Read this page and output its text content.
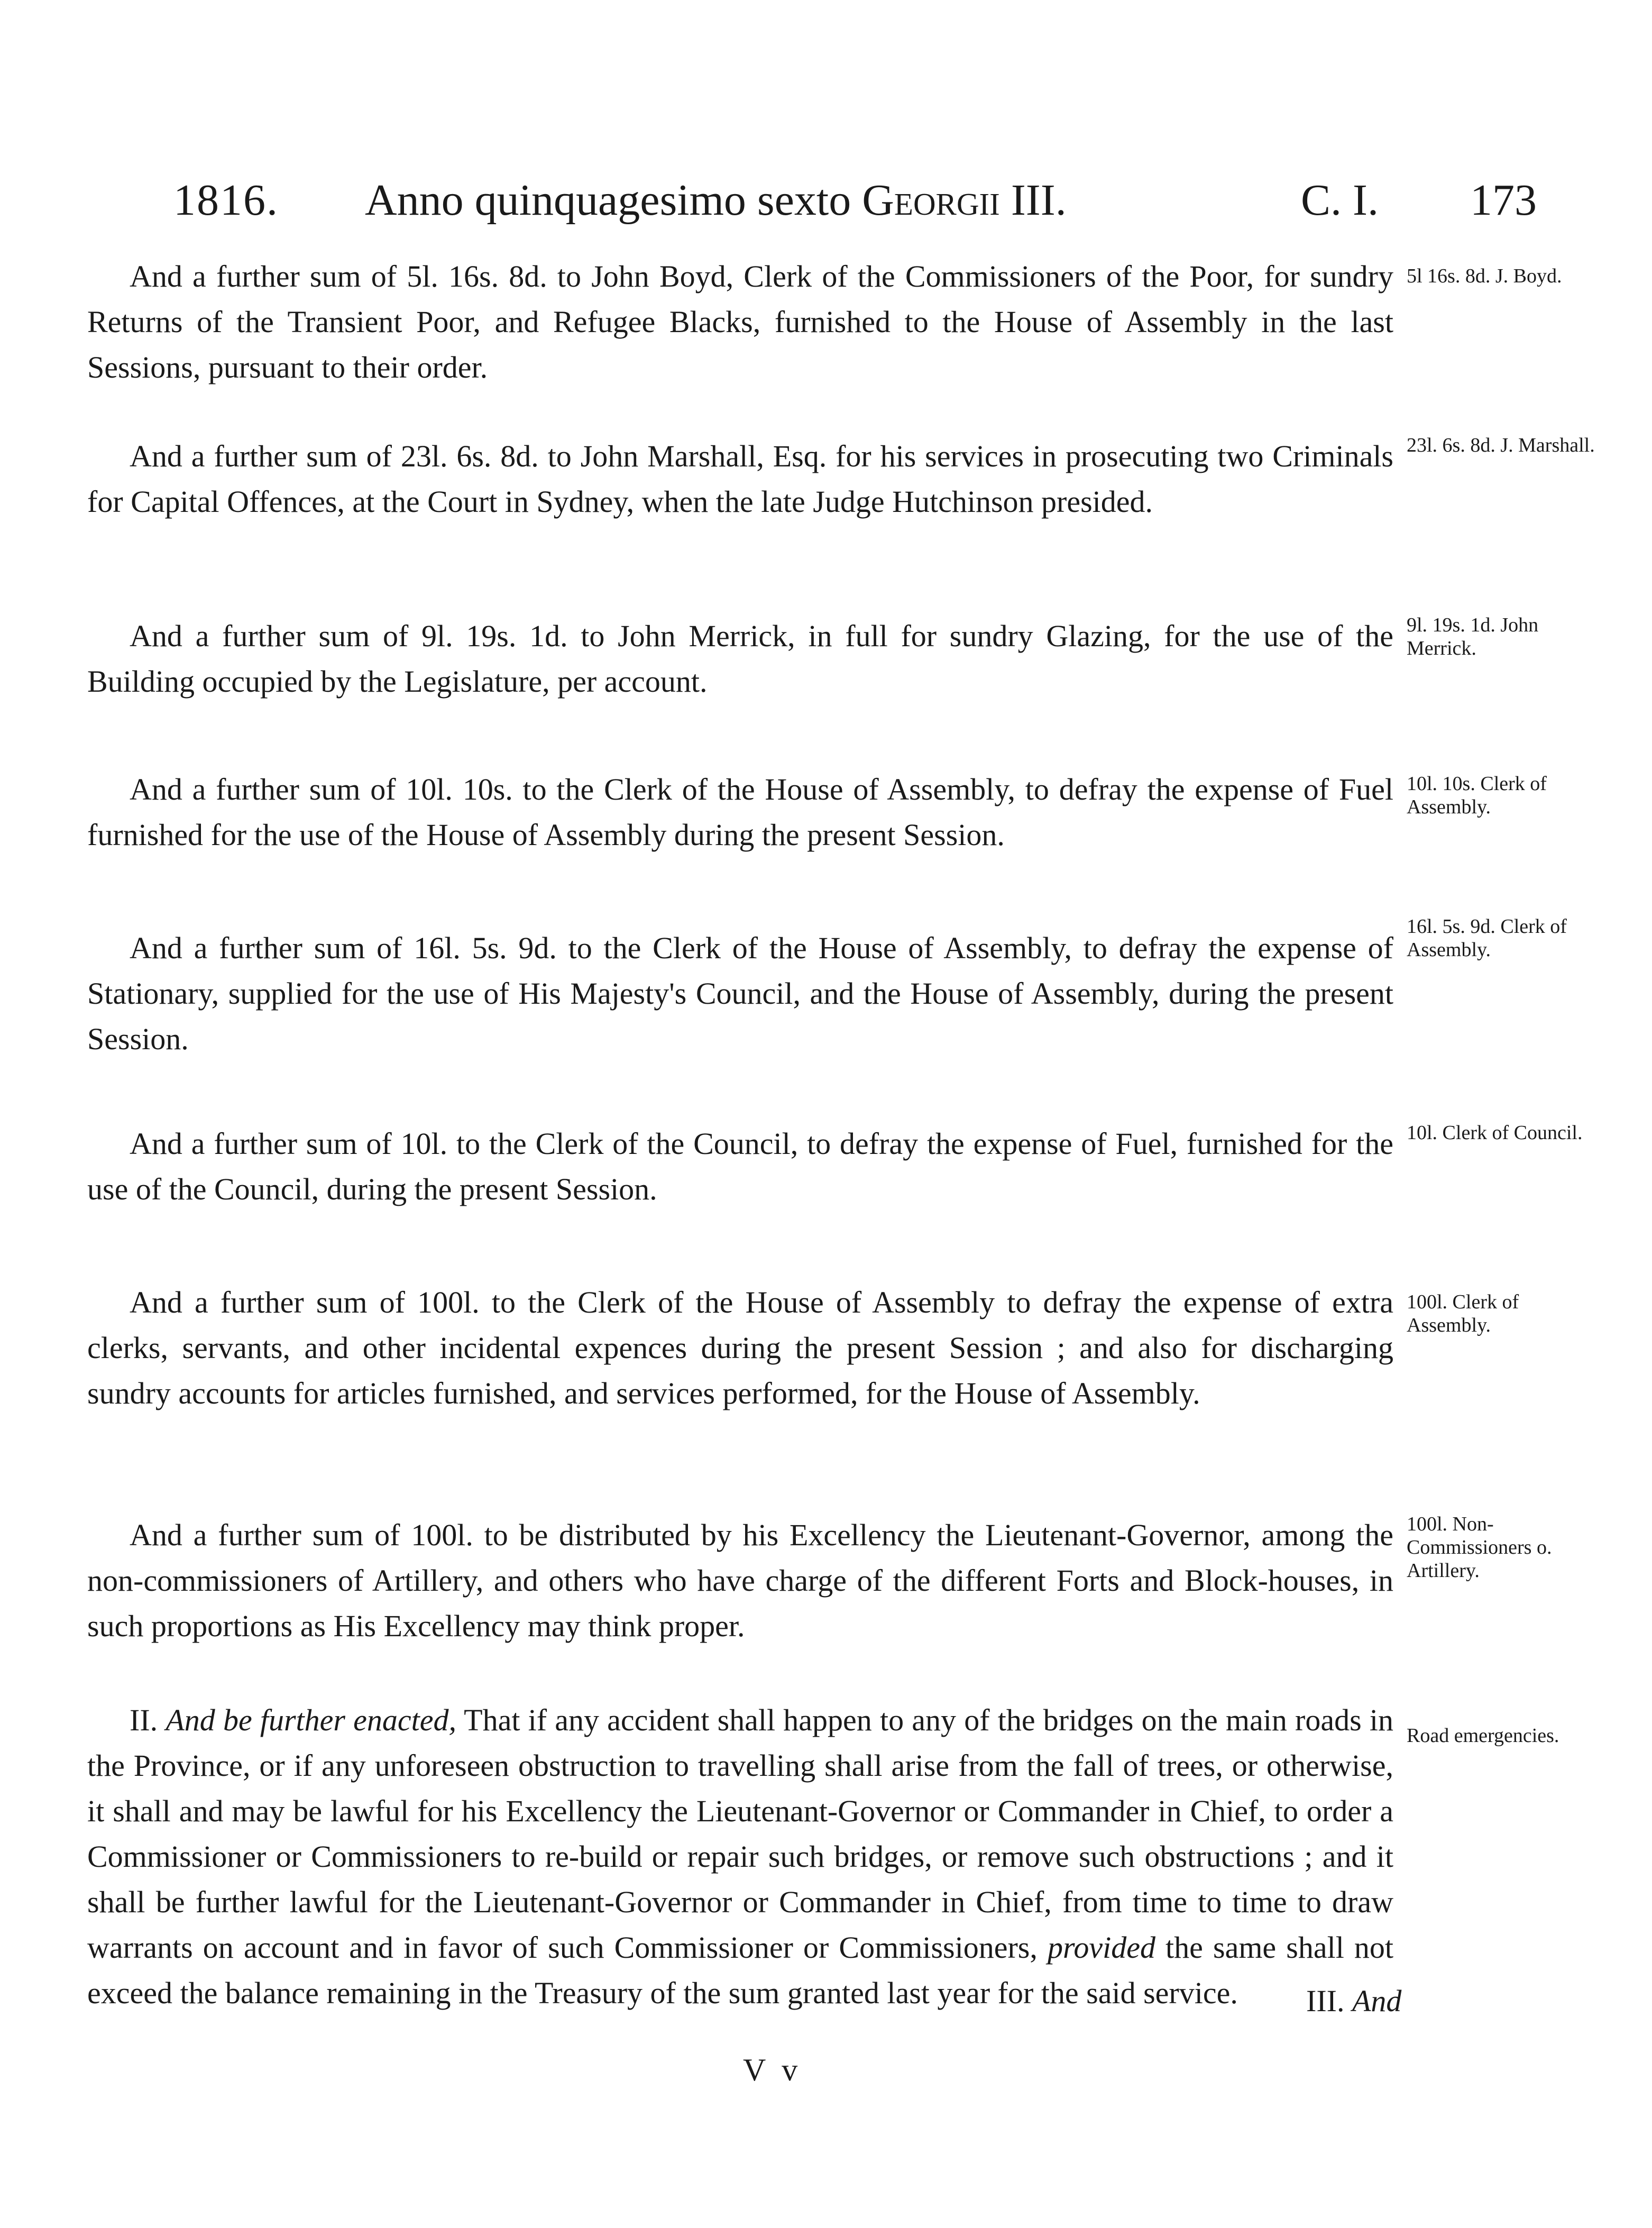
1816. Anno quinquagesimo sexto Georgii III.	C. I. 173

And a further sum of 5l. 16s. 8d. to John Boyd, Clerk of the Commissioners of the Poor, for sundry Returns of the Transient Poor, and Refugee Blacks, furnished to the House of Assembly in the last Sessions, pursuant to their order.

5l 16s. 8d. J. Boyd.

And a further sum of 23l. 6s. 8d. to John Marshall, Esq. for his services in prosecuting two Criminals for Capital Offences, at the Court in Sydney, when the late Judge Hutchinson presided.

23l. 6s. 8d. J. Marshall.

And a further sum of 9l. 19s. 1d. to John Merrick, in full for sundry Glazing, for the use of the Building occupied by the Legislature, per account.

9l. 19s. 1d. John Merrick.

And a further sum of 10l. 10s. to the Clerk of the House of Assembly, to defray the expense of Fuel furnished for the use of the House of Assembly during the present Session.

10l. 10s. Clerk of Assembly.

And a further sum of 16l. 5s. 9d. to the Clerk of the House of Assembly, to defray the expense of Stationary, supplied for the use of His Majesty's Council, and the House of Assembly, during the present Session.

16l. 5s. 9d. Clerk of Assembly.

And a further sum of 10l. to the Clerk of the Council, to defray the expense of Fuel, furnished for the use of the Council, during the present Session.

10l. Clerk of Council.

And a further sum of 100l. to the Clerk of the House of Assembly to defray the expense of extra clerks, servants, and other incidental expences during the present Session ; and also for discharging sundry accounts for articles furnished, and services performed, for the House of Assembly.

100l. Clerk of Assembly.

And a further sum of 100l. to be distributed by his Excellency the Lieutenant-Governor, among the non-commissioners of Artillery, and others who have charge of the different Forts and Block-houses, in such proportions as His Excellency may think proper.

100l. Non-Commissioners o. Artillery.

II. And be further enacted, That if any accident shall happen to any of the bridges on the main roads in the Province, or if any unforeseen obstruction to travelling shall arise from the fall of trees, or otherwise, it shall and may be lawful for his Excellency the Lieutenant-Governor or Commander in Chief, to order a Commissioner or Commissioners to re-build or repair such bridges, or remove such obstructions ; and it shall be further lawful for the Lieutenant-Governor or Commander in Chief, from time to time to draw warrants on account and in favor of such Commissioner or Commissioners, provided the same shall not exceed the balance remaining in the Treasury of the sum granted last year for the said service.

Road emergencies.

III. And
V v
